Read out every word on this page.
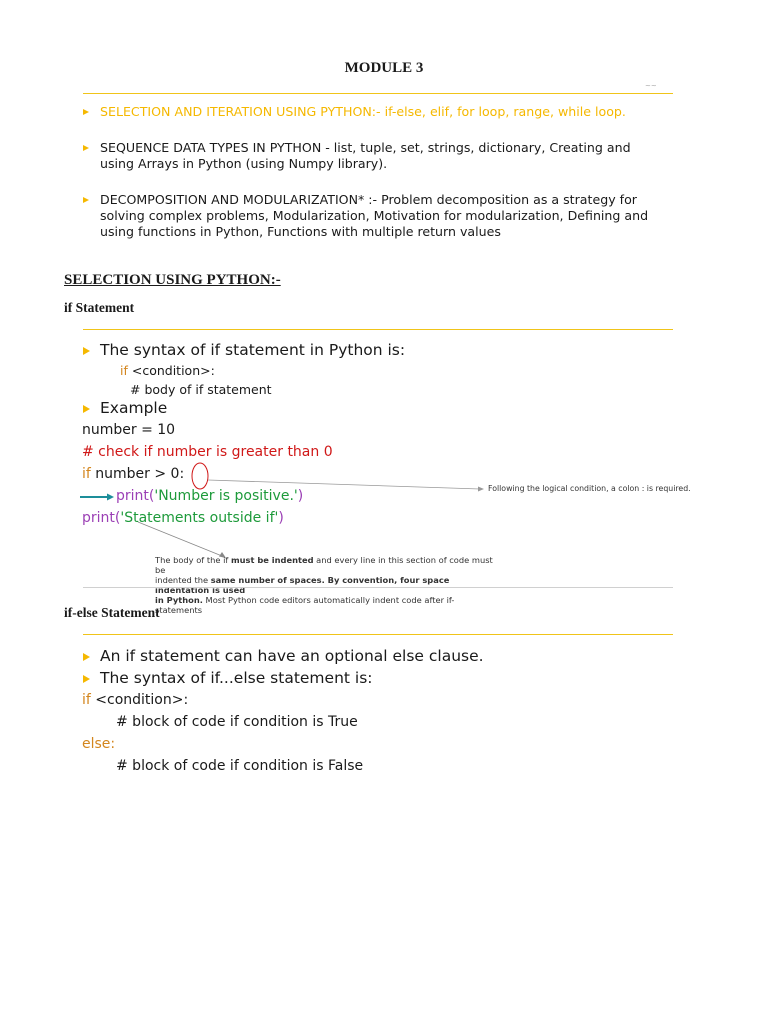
MODULE 3
~~
SELECTION AND ITERATION USING PYTHON:- if-else, elif, for loop, range, while loop.
SEQUENCE DATA TYPES IN PYTHON - list, tuple, set, strings, dictionary, Creating and
using Arrays in Python (using Numpy library).
DECOMPOSITION AND MODULARIZATION* :- Problem decomposition as a strategy for
solving complex problems, Modularization, Motivation for modularization, Defining and
using functions in Python, Functions with multiple return values
SELECTION USING PYTHON:-
if Statement
The syntax of if statement in Python is:
if <condition>:
# body of if statement
Example
number = 10
# check if number is greater than 0
if number > 0:
print('Number is positive.')
print('Statements outside if')
Following the logical condition, a colon : is required.
The body of the if must be indented and every line in this section of code must be
indented the same number of spaces. By convention, four space indentation is used
in Python. Most Python code editors automatically indent code after if-statements
if-else Statement
An if statement can have an optional else clause.
The syntax of if...else statement is:
if <condition>:
# block of code if condition is True
else:
# block of code if condition is False
